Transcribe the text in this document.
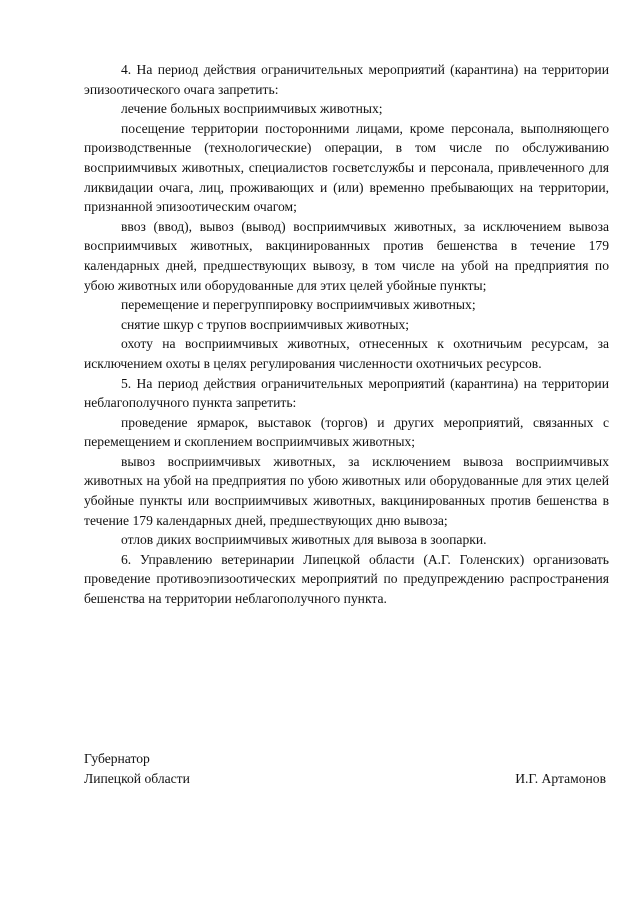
4. На период действия ограничительных мероприятий (карантина) на территории эпизоотического очага запретить:

лечение больных восприимчивых животных;

посещение территории посторонними лицами, кроме персонала, выполняющего производственные (технологические) операции, в том числе по обслуживанию восприимчивых животных, специалистов госветслужбы и персонала, привлеченного для ликвидации очага, лиц, проживающих и (или) временно пребывающих на территории, признанной эпизоотическим очагом;

ввоз (ввод), вывоз (вывод) восприимчивых животных, за исключением вывоза восприимчивых животных, вакцинированных против бешенства в течение 179 календарных дней, предшествующих вывозу, в том числе на убой на предприятия по убою животных или оборудованные для этих целей убойные пункты;

перемещение и перегруппировку восприимчивых животных;

снятие шкур с трупов восприимчивых животных;

охоту на восприимчивых животных, отнесенных к охотничьим ресурсам, за исключением охоты в целях регулирования численности охотничьих ресурсов.

5. На период действия ограничительных мероприятий (карантина) на территории неблагополучного пункта запретить:

проведение ярмарок, выставок (торгов) и других мероприятий, связанных с перемещением и скоплением восприимчивых животных;

вывоз восприимчивых животных, за исключением вывоза восприимчивых животных на убой на предприятия по убою животных или оборудованные для этих целей убойные пункты или восприимчивых животных, вакцинированных против бешенства в течение 179 календарных дней, предшествующих дню вывоза;

отлов диких восприимчивых животных для вывоза в зоопарки.

6. Управлению ветеринарии Липецкой области (А.Г. Голенских) организовать проведение противоэпизоотических мероприятий по предупреждению распространения бешенства на территории неблагополучного пункта.

Губернатор
Липецкой области	И.Г. Артамонов
